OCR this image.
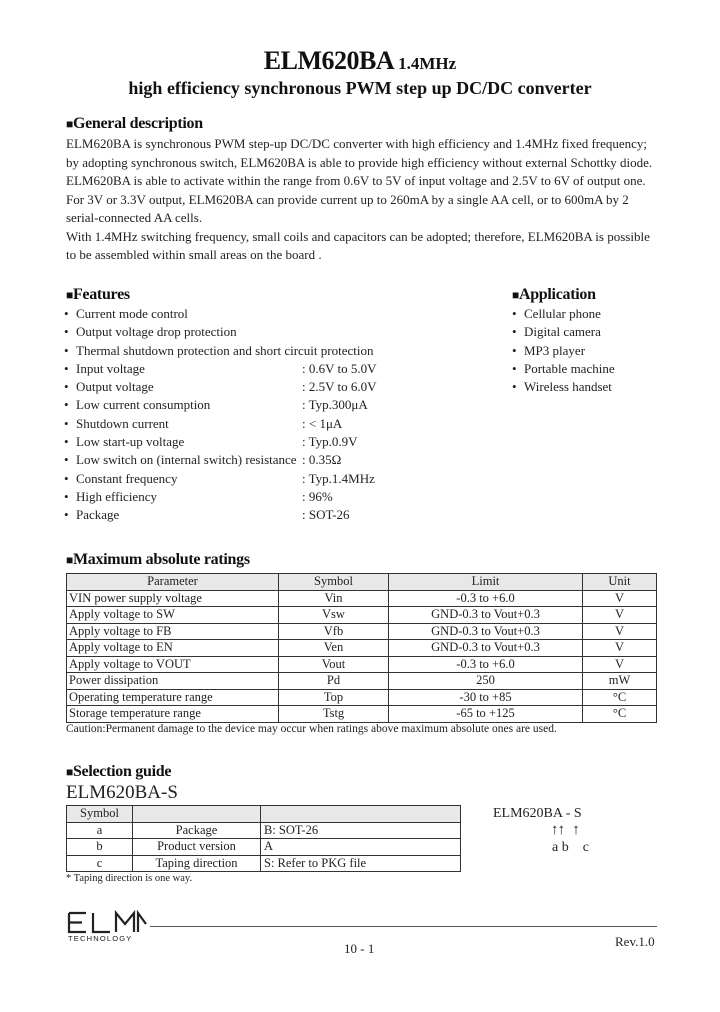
ELM620BA 1.4MHz
high efficiency synchronous PWM step up DC/DC converter
■General description
ELM620BA is synchronous PWM step-up DC/DC converter with high efficiency and 1.4MHz fixed frequency;
by adopting synchronous switch, ELM620BA is able to provide high efficiency without external Schottky diode.
ELM620BA is able to activate within the range from 0.6V to 5V of input voltage and 2.5V to 6V of output one.
For 3V or 3.3V output, ELM620BA can provide current up to 260mA by a single AA cell, or to 600mA by 2
serial-connected AA cells.
With 1.4MHz switching frequency, small coils and capacitors can be adopted; therefore, ELM620BA is possible
to be assembled within small areas on the board .
■Features
• Current mode control
• Output voltage drop protection
• Thermal shutdown protection and short circuit protection
• Input voltage	: 0.6V to 5.0V
• Output voltage	: 2.5V to 6.0V
• Low current consumption	: Typ.300μA
• Shutdown current	: < 1μA
• Low start-up voltage	: Typ.0.9V
• Low switch on (internal switch) resistance : 0.35Ω
• Constant frequency	: Typ.1.4MHz
• High efficiency	: 96%
• Package	: SOT-26
■Application
• Cellular phone
• Digital camera
• MP3 player
• Portable machine
• Wireless handset
■Maximum absolute ratings
Parameter	Symbol	Limit	Unit
VIN power supply voltage	Vin	-0.3 to +6.0	V
Apply voltage to SW	Vsw	GND-0.3 to Vout+0.3	V
Apply voltage to FB	Vfb	GND-0.3 to Vout+0.3	V
Apply voltage to EN	Ven	GND-0.3 to Vout+0.3	V
Apply voltage to VOUT	Vout	-0.3 to +6.0	V
Power dissipation	Pd	250	mW
Operating temperature range	Top	-30 to +85	°C
Storage temperature range	Tstg	-65 to +125	°C
Caution:Permanent damage to the device may occur when ratings above maximum absolute ones are used.
■Selection guide
ELM620BA-S
Symbol		
a	Package	B: SOT-26
b	Product version	A
c	Taping direction	S: Refer to PKG file
* Taping direction is one way.
ELM620BA - S
↑↑   ↑
a b    c
TECHNOLOGY
10 - 1	Rev.1.0
